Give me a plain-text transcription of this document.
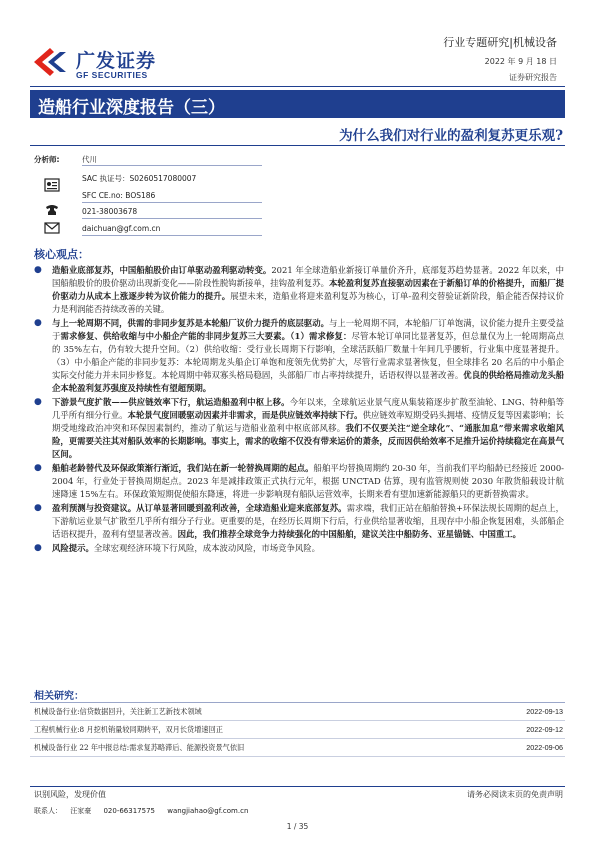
广发证券
GF SECURITIES
行业专题研究|机械设备
2022 年 9 月 18 日
证券研究报告
造船行业深度报告（三）
为什么我们对行业的盈利复苏更乐观?
分析师:	代川
SAC 执证号：S0260517080007
SFC CE.no: BOS186
021-38003678
daichuan@gf.com.cn
核心观点：
● 造船业底部复苏，中国船舶股价由订单驱动盈利驱动转变。2021 年全球造船业新接订单量价齐升，底部复苏趋势显著。2022 年以来，中国船舶股价的股价驱动出现新变化——阶段性脱钩新接单，挂钩盈利复苏。本轮盈利复苏直接驱动因素在于新船订单的价格提升，而船厂提价驱动力从成本上涨逐步转为议价能力的提升。展望未来，造船业将迎来盈利复苏为核心，订单-盈利交替验证新阶段，船企能否保持议价力是利润能否持续改善的关键。
● 与上一轮周期不同，供需的非同步复苏是本轮船厂议价力提升的底层驱动。与上一轮周期不同，本轮船厂订单饱满，议价能力提升主要受益于需求修复、供给收缩与中小船企产能的非同步复苏三大要素。（1）需求修复：尽管本轮订单同比显著复苏，但总量仅为上一轮周期高点的 35%左右，仍有较大提升空间。（2）供给收缩：受行业长周期下行影响，全球活跃船厂数量十年间几乎腰斩，行业集中度显著提升。（3）中小船企产能的非同步复苏：本轮周期龙头船企订单饱和度领先优势扩大，尽管行业需求显著恢复，但全球排名 20 名后的中小船企实际交付能力并未同步修复。本轮周期中韩双寡头格局稳固，头部船厂市占率持续提升，话语权得以显著改善。优良的供给格局推动龙头船企本轮盈利复苏强度及持续性有望超预期。
● 下游景气度扩散——供应链效率下行，航运造船盈利中枢上移。今年以来，全球航运业景气度从集装箱逐步扩散至油轮、LNG、特种船等几乎所有细分行业。本轮景气度回暖驱动因素并非需求，而是供应链效率持续下行。供应链效率短期受码头拥堵、疫情反复等因素影响；长期受地缘政治冲突和环保因素制约，推动了航运与造船业盈利中枢底部风移。我们不仅要关注“逆全球化”、“通胀加息”带来需求收缩风险，更需要关注其对船队效率的长期影响。事实上，需求的收缩不仅没有带来运价的萧条，反而因供给效率不足推升运价持续稳定在高景气区间。
● 船舶老龄替代及环保政策渐行渐近，我们站在新一轮替换周期的起点。船舶平均替换周期约 20-30 年，当前我们平均船龄已经接近 2000-2004 年，行业处于替换周期起点。2023 年是减排政策正式执行元年，根据 UNCTAD 估算，现有监管规则使 2030 年散货船载设计航速降速 15%左右。环保政策短期促使船东降速，将进一步影响现有船队运营效率，长期来看有望加速新能源船只的更新替换需求。
● 盈利预测与投资建议。从订单显著回暖到盈利改善，全球造船业迎来底部复苏。需求端，我们正站在船舶替换+环保法规长周期的起点上，下游航运业景气扩散至几乎所有细分子行业。更重要的是，在经历长周期下行后，行业供给显著收缩，且现存中小船企恢复困难，头部船企话语权提升，盈利有望显著改善。因此，我们推荐全球竞争力持续强化的中国船舶，建议关注中船防务、亚星锚链、中国重工。
● 风险提示。全球宏观经济环境下行风险，成本波动风险，市场竞争风险。
相关研究：
机械设备行业:信贷数据回升，关注新工艺新技术领域	2022-09-13
工程机械行业:8 月挖机销量较同期转平，双月长货增速回正	2022-09-12
机械设备行业 22 年中报总结:需求复苏略滞后、能源投资景气依旧	2022-09-06
识别风险，发现价值	请务必阅读末页的免责声明
联系人： 汪家豪 020-66317575 wangjiahao@gf.com.cn
1 / 35
